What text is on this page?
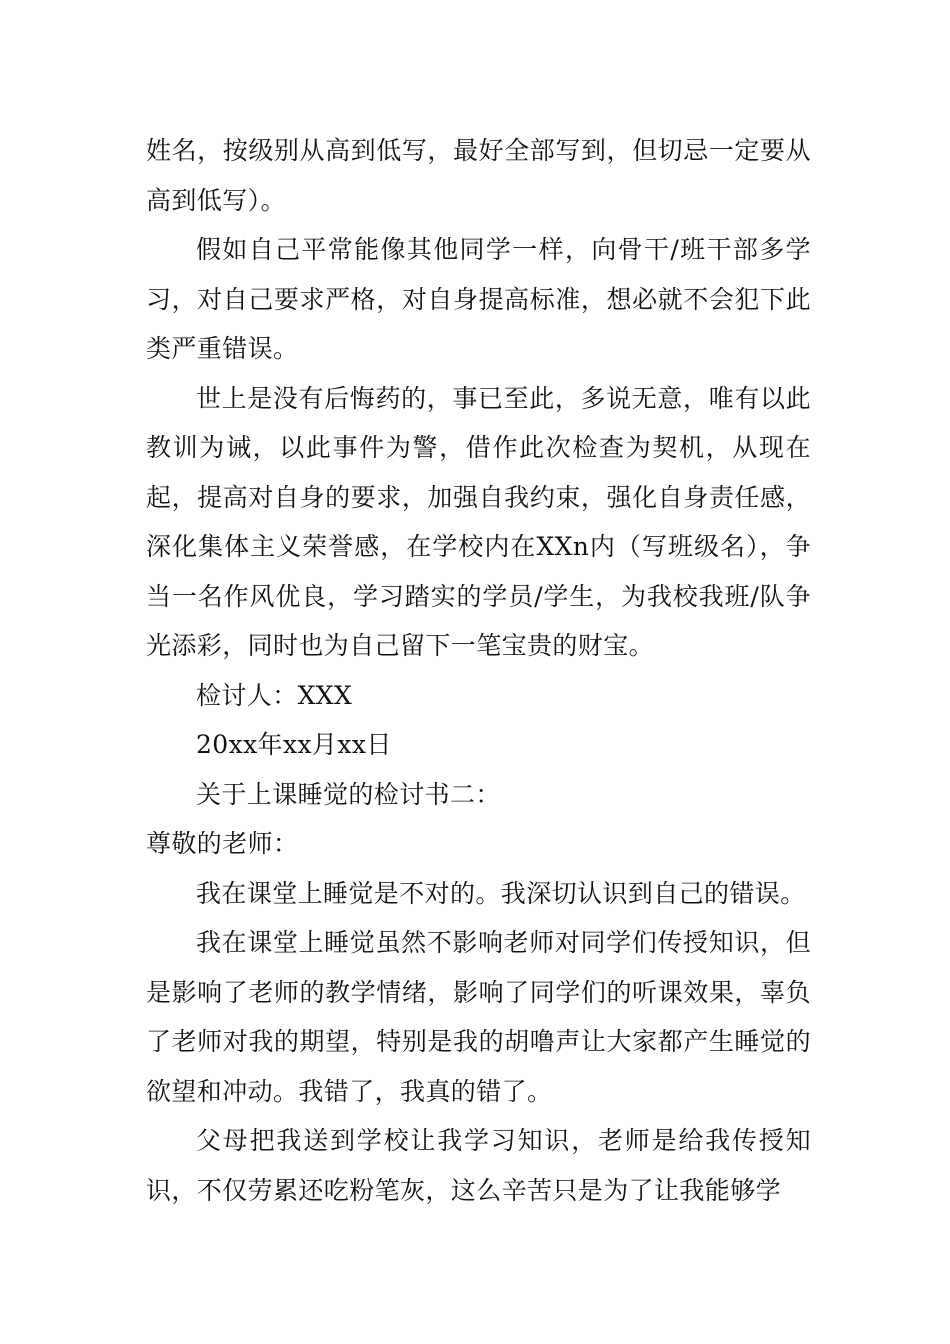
姓名，按级别从高到低写，最好全部写到，但切忌一定要从高到低写）。

假如自己平常能像其他同学一样，向骨干/班干部多学习，对自己要求严格，对自身提高标准，想必就不会犯下此类严重错误。

世上是没有后悔药的，事已至此，多说无意，唯有以此教训为诫，以此事件为警，借作此次检查为契机，从现在起，提高对自身的要求，加强自我约束，强化自身责任感，深化集体主义荣誉感，在学校内在XXn内（写班级名），争当一名作风优良，学习踏实的学员/学生，为我校我班/队争光添彩，同时也为自己留下一笔宝贵的财宝。

检讨人：XXX

20xx年xx月xx日

关于上课睡觉的检讨书二：

尊敬的老师：

我在课堂上睡觉是不对的。我深切认识到自己的错误。

我在课堂上睡觉虽然不影响老师对同学们传授知识，但是影响了老师的教学情绪，影响了同学们的听课效果，辜负了老师对我的期望，特别是我的胡噜声让大家都产生睡觉的欲望和冲动。我错了，我真的错了。

父母把我送到学校让我学习知识，老师是给我传授知识，不仅劳累还吃粉笔灰，这么辛苦只是为了让我能够学
